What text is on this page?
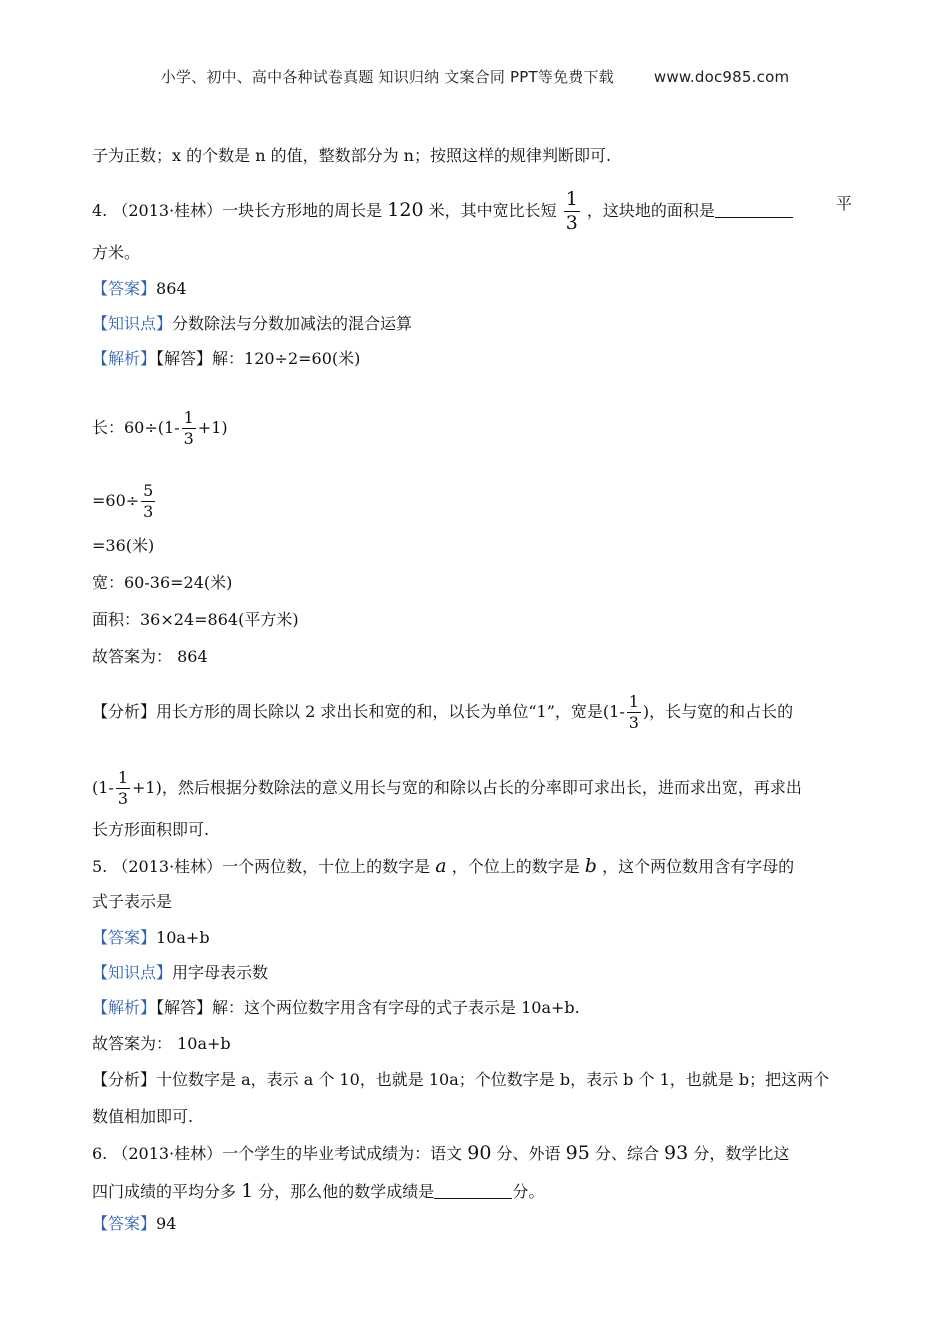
小学、初中、高中各种试卷真题 知识归纳 文案合同 PPT等免费下载	www.doc985.com
子为正数；x 的个数是 n 的值，整数部分为 n；按照这样的规律判断即可.
4. （2013·桂林）一块长方形地的周长是 120 米，其中宽比长短 $\frac{1}{3}$ ，这块地的面积是	平
方米。
【答案】864
【知识点】分数除法与分数加减法的混合运算
【解析】【解答】解：120÷2=60(米)
长：$60\div(1- \frac{1}{3} +1)$
$=60\div \frac{5}{3}$
=36(米)
宽：60-36=24(米)
面积：36×24=864(平方米)
故答案为： 864
【分析】用长方形的周长除以 2 求出长和宽的和，以长为单位“1”，宽是($1- \frac{1}{3}$ )，长与宽的和占长的
$(1- \frac{1}{3} +1)$，然后根据分数除法的意义用长与宽的和除以占长的分率即可求出长，进而求出宽，再求出
长方形面积即可.
5. （2013·桂林）一个两位数，十位上的数字是 a ，个位上的数字是 b ，这个两位数用含有字母的
式子表示是
【答案】10a+b
【知识点】用字母表示数
【解析】【解答】解：这个两位数字用含有字母的式子表示是 10a+b.
故答案为： 10a+b
【分析】十位数字是 a，表示 a 个 10，也就是 10a；个位数字是 b，表示 b 个 1，也就是 b；把这两个
数值相加即可.
6. （2013·桂林）一个学生的毕业考试成绩为：语文 90 分、外语 95 分、综合 93 分，数学比这
四门成绩的平均分多 1 分，那么他的数学成绩是	分。
【答案】94
